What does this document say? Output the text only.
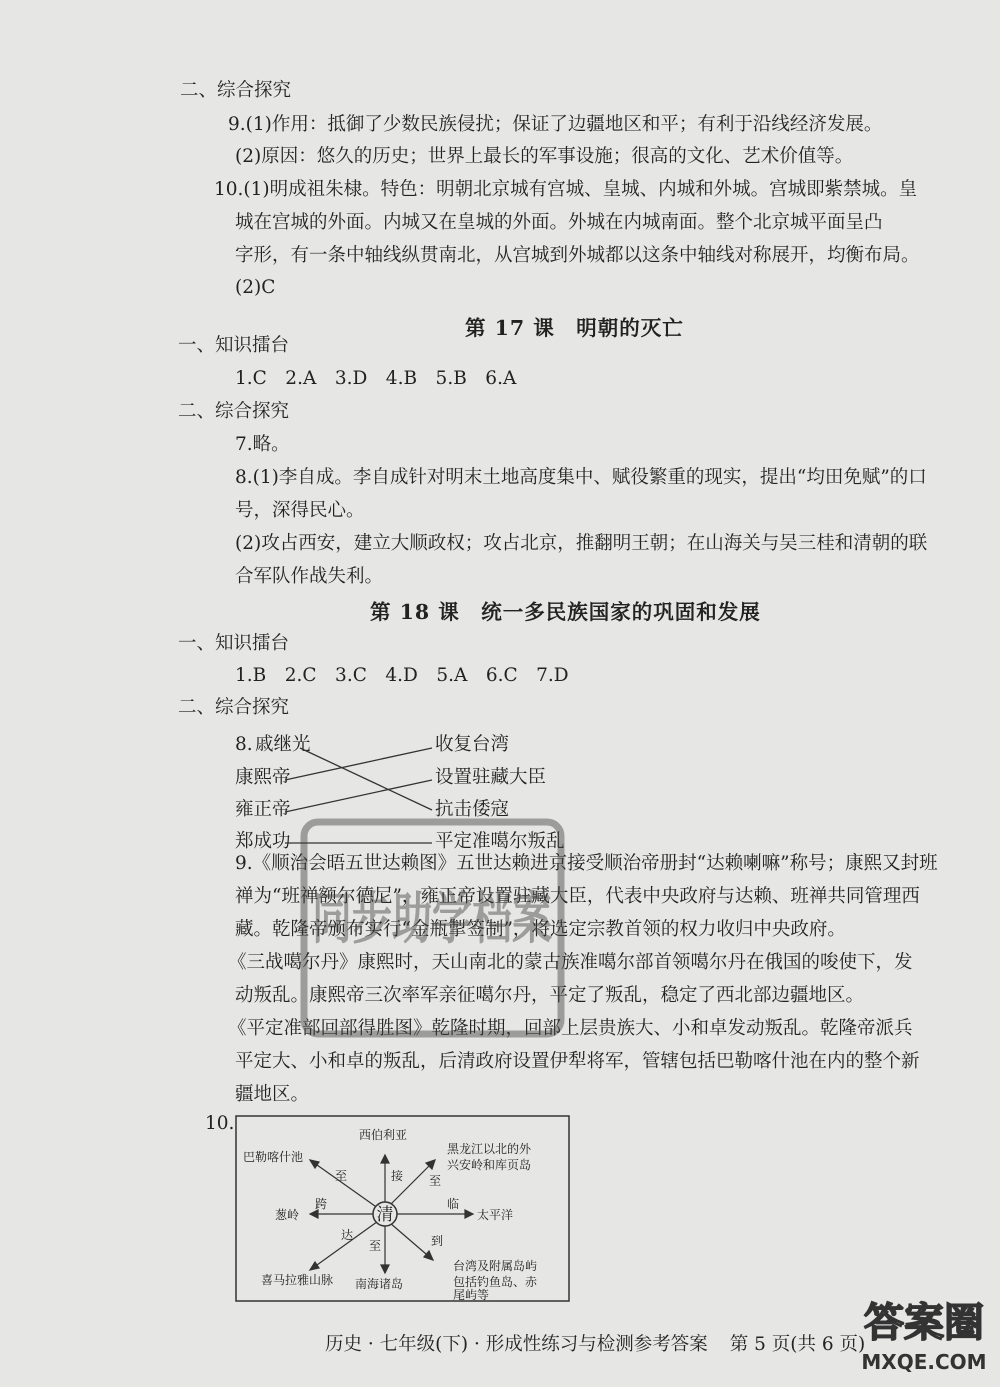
二、综合探究
9.(1)作用：抵御了少数民族侵扰；保证了边疆地区和平；有利于沿线经济发展。
(2)原因：悠久的历史；世界上最长的军事设施；很高的文化、艺术价值等。
10.(1)明成祖朱棣。特色：明朝北京城有宫城、皇城、内城和外城。宫城即紫禁城。皇
城在宫城的外面。内城又在皇城的外面。外城在内城南面。整个北京城平面呈凸
字形，有一条中轴线纵贯南北，从宫城到外城都以这条中轴线对称展开，均衡布局。
(2)C
第 17 课　明朝的灭亡
一、知识擂台
1.C　2.A　3.D　4.B　5.B　6.A
二、综合探究
7.略。
8.(1)李自成。李自成针对明末土地高度集中、赋役繁重的现实，提出“均田免赋”的口
号，深得民心。
(2)攻占西安，建立大顺政权；攻占北京，推翻明王朝；在山海关与吴三桂和清朝的联
合军队作战失利。
第 18 课　统一多民族国家的巩固和发展
一、知识擂台
1.B　2.C　3.C　4.D　5.A　6.C　7.D
二、综合探究
8. 戚继光
康熙帝
雍正帝
郑成功
收复台湾
设置驻藏大臣
抗击倭寇
平定准噶尔叛乱
9.《顺治会晤五世达赖图》五世达赖进京接受顺治帝册封“达赖喇嘛”称号；康熙又封班
禅为“班禅额尔德尼”，雍正帝设置驻藏大臣，代表中央政府与达赖、班禅共同管理西
藏。乾隆帝颁布实行“金瓶掣签制”，将选定宗教首领的权力收归中央政府。
《三战噶尔丹》康熙时，天山南北的蒙古族准噶尔部首领噶尔丹在俄国的唆使下，发
动叛乱。康熙帝三次率军亲征噶尔丹，平定了叛乱，稳定了西北部边疆地区。
《平定准部回部得胜图》乾隆时期，回部上层贵族大、小和卓发动叛乱。乾隆帝派兵
平定大、小和卓的叛乱，后清政府设置伊犁将军，管辖包括巴勒喀什池在内的整个新
疆地区。
同步助学档案
10.
清
巴勒喀什池
至
西伯利亚
接
黑龙江以北的外
兴安岭和库页岛
至
太平洋
临
葱岭
跨
喜马拉雅山脉
达
南海诸岛
至
台湾及附属岛屿
包括钓鱼岛、赤
尾屿等
到
历史 · 七年级(下) · 形成性练习与检测参考答案 第 5 页(共 6 页)
答案圈
MXQE.COM
